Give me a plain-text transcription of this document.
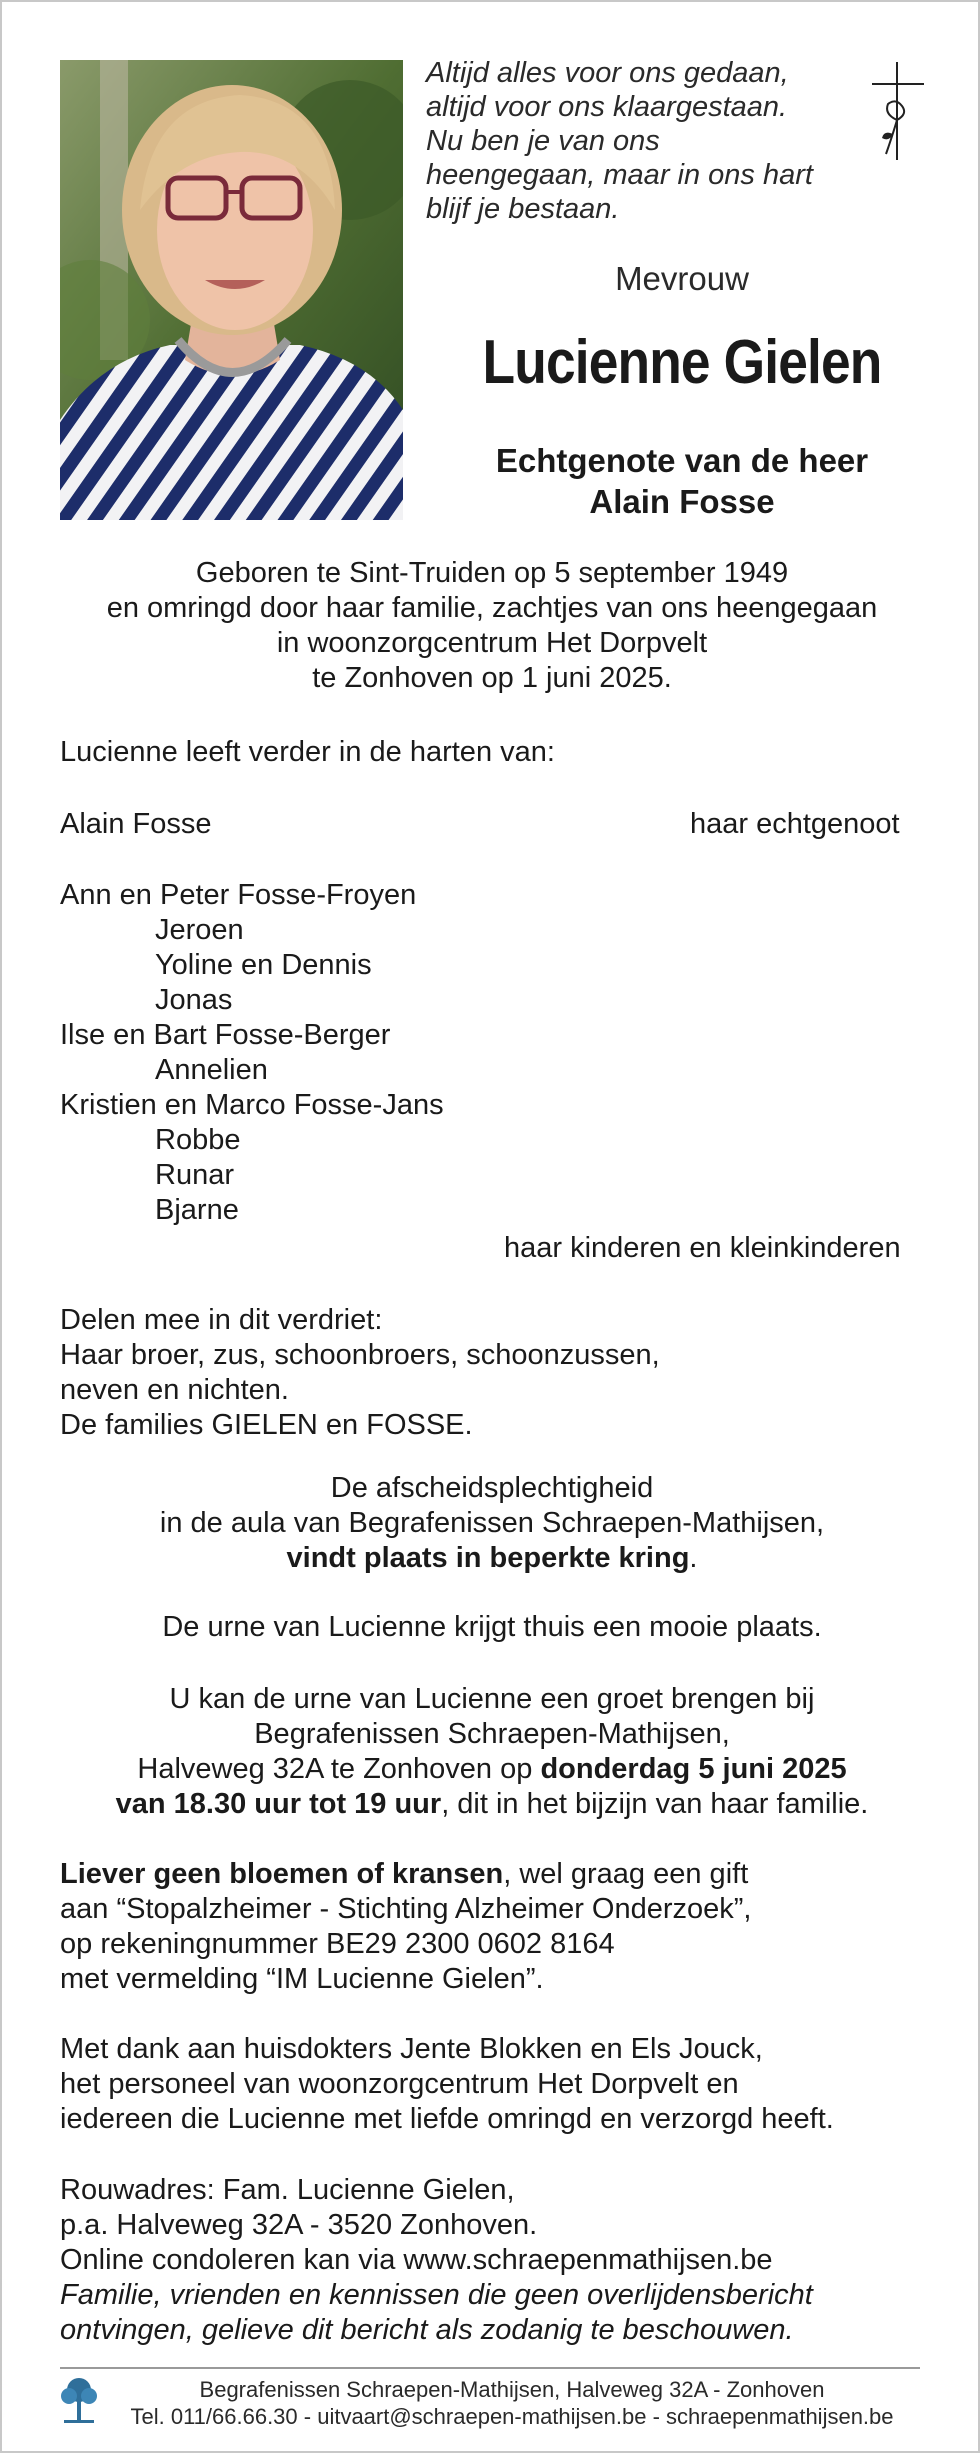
Altijd alles voor ons gedaan,
altijd voor ons klaargestaan.
Nu ben je van ons
heengegaan, maar in ons hart
blijf je bestaan.
Mevrouw
Lucienne Gielen
Echtgenote van de heer
Alain Fosse
Geboren te Sint-Truiden op 5 september 1949
en omringd door haar familie, zachtjes van ons heengegaan
in woonzorgcentrum Het Dorpvelt
te Zonhoven op 1 juni 2025.
Lucienne leeft verder in de harten van:
Alain Fosse	haar echtgenoot
Ann en Peter Fosse-Froyen
Jeroen
Yoline en Dennis
Jonas
Ilse en Bart Fosse-Berger
Annelien
Kristien en Marco Fosse-Jans
Robbe
Runar
Bjarne
haar kinderen en kleinkinderen
Delen mee in dit verdriet:
Haar broer, zus, schoonbroers, schoonzussen,
neven en nichten.
De families GIELEN en FOSSE.
De afscheidsplechtigheid
in de aula van Begrafenissen Schraepen-Mathijsen,
vindt plaats in beperkte kring.
De urne van Lucienne krijgt thuis een mooie plaats.
U kan de urne van Lucienne een groet brengen bij
Begrafenissen Schraepen-Mathijsen,
Halveweg 32A te Zonhoven op donderdag 5 juni 2025
van 18.30 uur tot 19 uur, dit in het bijzijn van haar familie.
Liever geen bloemen of kransen, wel graag een gift
aan “Stopalzheimer - Stichting Alzheimer Onderzoek”,
op rekeningnummer BE29 2300 0602 8164
met vermelding “IM Lucienne Gielen”.
Met dank aan huisdokters Jente Blokken en Els Jouck,
het personeel van woonzorgcentrum Het Dorpvelt en
iedereen die Lucienne met liefde omringd en verzorgd heeft.
Rouwadres: Fam. Lucienne Gielen,
p.a. Halveweg 32A - 3520 Zonhoven.
Online condoleren kan via www.schraepenmathijsen.be
Familie, vrienden en kennissen die geen overlijdensbericht
ontvingen, gelieve dit bericht als zodanig te beschouwen.
Begrafenissen Schraepen-Mathijsen, Halveweg 32A - Zonhoven
Tel. 011/66.66.30 - uitvaart@schraepen-mathijsen.be - schraepenmathijsen.be
